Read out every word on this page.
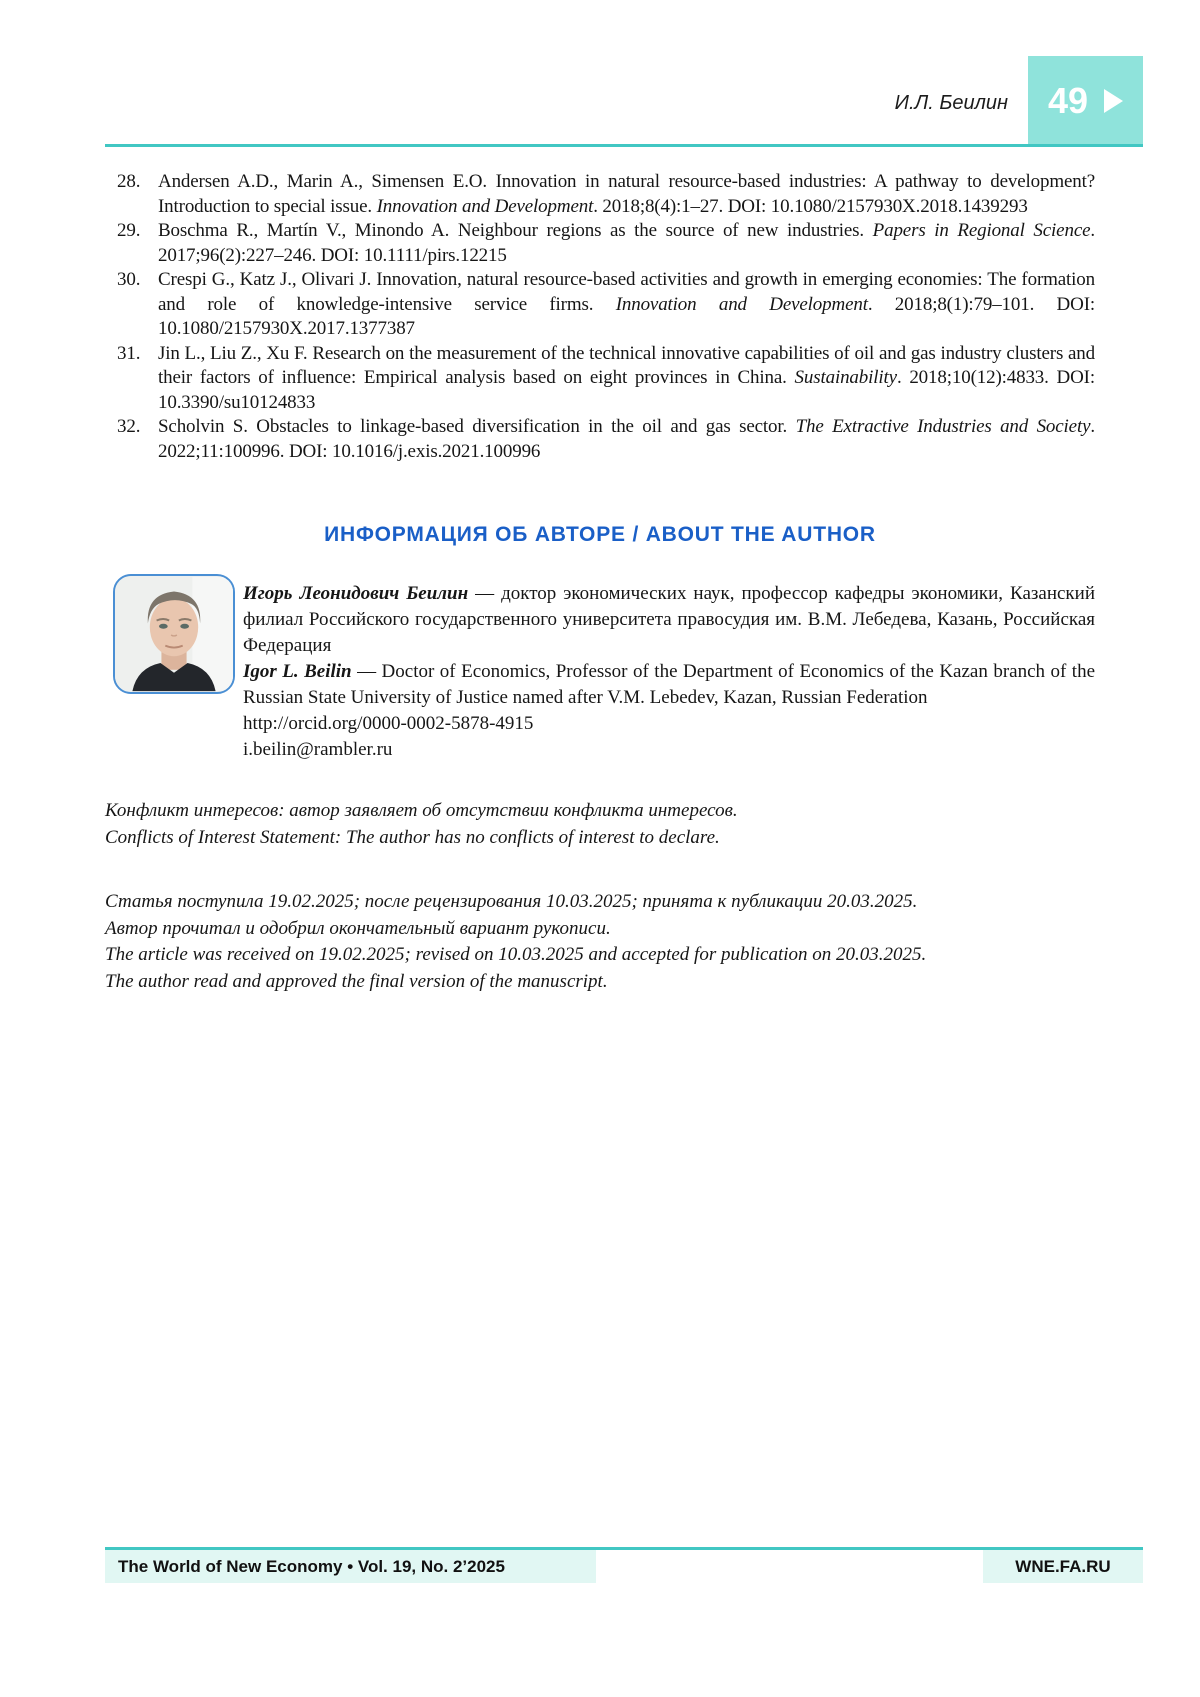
И.Л. Беилин 49
28. Andersen A.D., Marin A., Simensen E.O. Innovation in natural resource-based industries: A pathway to development? Introduction to special issue. Innovation and Development. 2018;8(4):1–27. DOI: 10.1080/2157930X.2018.1439293
29. Boschma R., Martín V., Minondo A. Neighbour regions as the source of new industries. Papers in Regional Science. 2017;96(2):227–246. DOI: 10.1111/pirs.12215
30. Crespi G., Katz J., Olivari J. Innovation, natural resource-based activities and growth in emerging economies: The formation and role of knowledge-intensive service firms. Innovation and Development. 2018;8(1):79–101. DOI: 10.1080/2157930X.2017.1377387
31. Jin L., Liu Z., Xu F. Research on the measurement of the technical innovative capabilities of oil and gas industry clusters and their factors of influence: Empirical analysis based on eight provinces in China. Sustainability. 2018;10(12):4833. DOI: 10.3390/su10124833
32. Scholvin S. Obstacles to linkage-based diversification in the oil and gas sector. The Extractive Industries and Society. 2022;11:100996. DOI: 10.1016/j.exis.2021.100996
ИНФОРМАЦИЯ ОБ АВТОРЕ / ABOUT THE AUTHOR
Игорь Леонидович Беилин — доктор экономических наук, профессор кафедры экономики, Казанский филиал Российского государственного университета правосудия им. В.М. Лебедева, Казань, Российская Федерация
Igor L. Beilin — Doctor of Economics, Professor of the Department of Economics of the Kazan branch of the Russian State University of Justice named after V.M. Lebedev, Kazan, Russian Federation
http://orcid.org/0000-0002-5878-4915
i.beilin@rambler.ru
Конфликт интересов: автор заявляет об отсутствии конфликта интересов.
Conflicts of Interest Statement: The author has no conflicts of interest to declare.
Статья поступила 19.02.2025; после рецензирования 10.03.2025; принята к публикации 20.03.2025.
Автор прочитал и одобрил окончательный вариант рукописи.
The article was received on 19.02.2025; revised on 10.03.2025 and accepted for publication on 20.03.2025.
The author read and approved the final version of the manuscript.
The World of New Economy • Vol. 19, No. 2’2025	WNE.FA.RU
